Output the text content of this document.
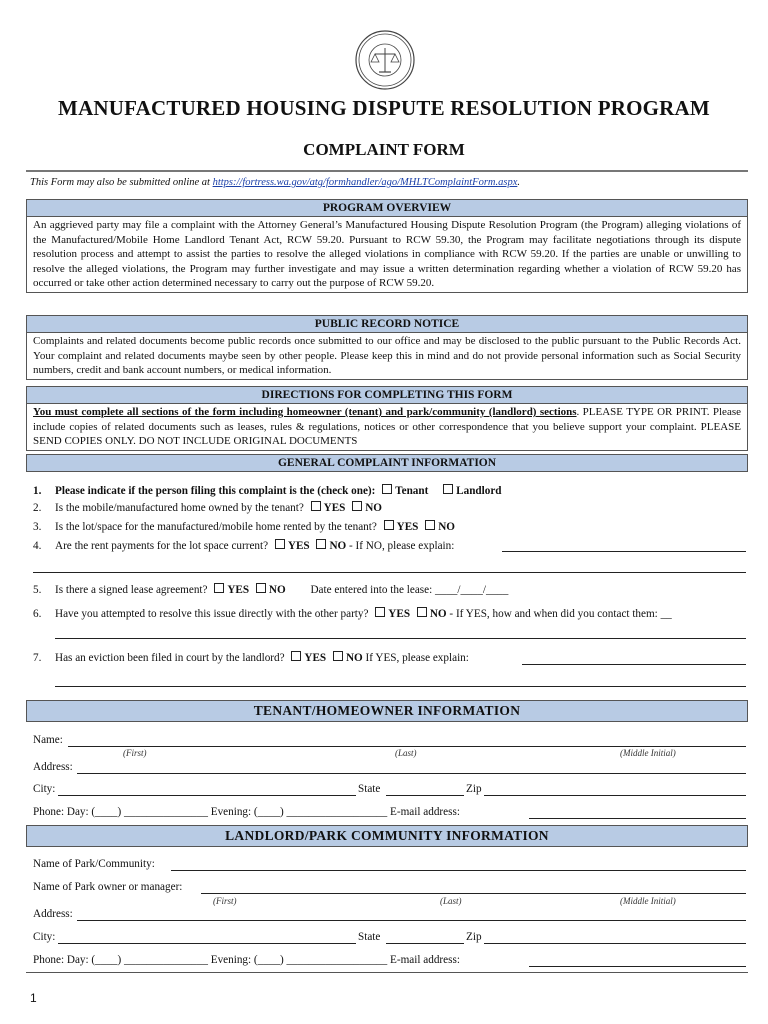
MANUFACTURED HOUSING DISPUTE RESOLUTION PROGRAM
COMPLAINT FORM
This Form may also be submitted online at https://fortress.wa.gov/atg/formhandler/ago/MHLTComplaintForm.aspx.
PROGRAM OVERVIEW
An aggrieved party may file a complaint with the Attorney General’s Manufactured Housing Dispute Resolution Program (the Program) alleging violations of the Manufactured/Mobile Home Landlord Tenant Act, RCW 59.20. Pursuant to RCW 59.30, the Program may facilitate negotiations through its dispute resolution process and attempt to assist the parties to resolve the alleged violations in compliance with RCW 59.20. If the parties are unable or unwilling to resolve the alleged violations, the Program may further investigate and may issue a written determination regarding whether a violation of RCW 59.20 has occurred or take other action determined necessary to carry out the purpose of RCW 59.20.
PUBLIC RECORD NOTICE
Complaints and related documents become public records once submitted to our office and may be disclosed to the public pursuant to the Public Records Act. Your complaint and related documents maybe seen by other people. Please keep this in mind and do not provide personal information such as Social Security numbers, credit and bank account numbers, or medical information.
DIRECTIONS FOR COMPLETING THIS FORM
You must complete all sections of the form including homeowner (tenant) and park/community (landlord) sections. PLEASE TYPE OR PRINT. Please include copies of related documents such as leases, rules & regulations, notices or other correspondence that you believe support your complaint. PLEASE SEND COPIES ONLY. DO NOT INCLUDE ORIGINAL DOCUMENTS
GENERAL COMPLAINT INFORMATION
1. Please indicate if the person filing this complaint is the (check one): Tenant Landlord
2. Is the mobile/manufactured home owned by the tenant? YES NO
3. Is the lot/space for the manufactured/mobile home rented by the tenant? YES NO
4. Are the rent payments for the lot space current? YES NO - If NO, please explain:
5. Is there a signed lease agreement? YES NO Date entered into the lease: ____/____/____
6. Have you attempted to resolve this issue directly with the other party? YES NO - If YES, how and when did you contact them: __
7. Has an eviction been filed in court by the landlord? YES NO If YES, please explain:
TENANT/HOMEOWNER INFORMATION
Name:
(First)	(Last)	(Middle Initial)
Address:
City:	State	Zip
Phone: Day: (____) _______________ Evening: (____) __________________ E-mail address:
LANDLORD/PARK COMMUNITY INFORMATION
Name of Park/Community:
Name of Park owner or manager:
(First)	(Last)	(Middle Initial)
Address:
City:	State	Zip
Phone: Day: (____) _______________ Evening: (____) __________________ E-mail address:
1
